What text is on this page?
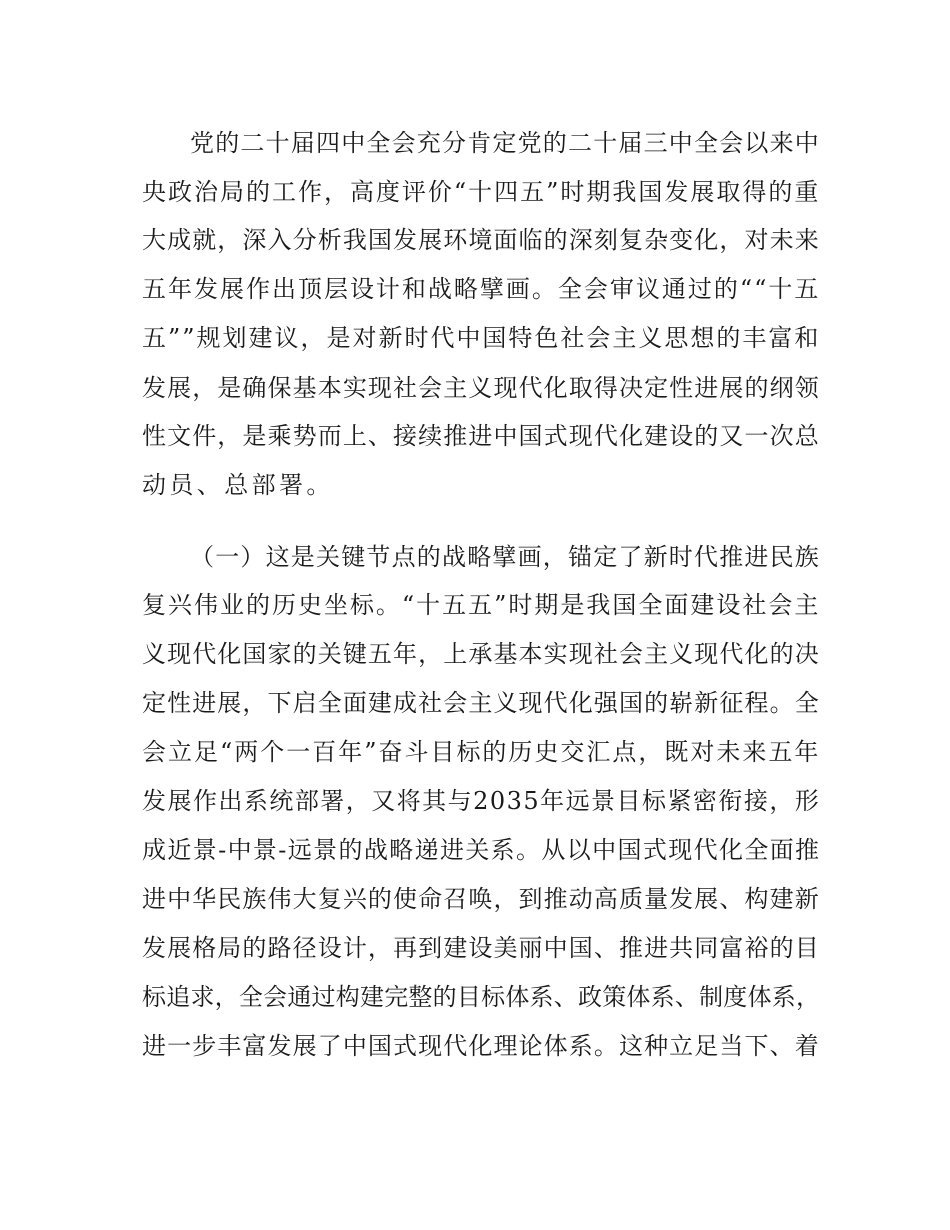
党的二十届四中全会充分肯定党的二十届三中全会以来中
央政治局的工作，高度评价“十四五”时期我国发展取得的重
大成就，深入分析我国发展环境面临的深刻复杂变化，对未来
五年发展作出顶层设计和战略擘画。全会审议通过的““十五
五””规划建议，是对新时代中国特色社会主义思想的丰富和
发展，是确保基本实现社会主义现代化取得决定性进展的纲领
性文件，是乘势而上、接续推进中国式现代化建设的又一次总
动员、总部署。
（一）这是关键节点的战略擘画，锚定了新时代推进民族
复兴伟业的历史坐标。“十五五”时期是我国全面建设社会主
义现代化国家的关键五年，上承基本实现社会主义现代化的决
定性进展，下启全面建成社会主义现代化强国的崭新征程。全
会立足“两个一百年”奋斗目标的历史交汇点，既对未来五年
发展作出系统部署，又将其与2035年远景目标紧密衔接，形
成近景-中景-远景的战略递进关系。从以中国式现代化全面推
进中华民族伟大复兴的使命召唤，到推动高质量发展、构建新
发展格局的路径设计，再到建设美丽中国、推进共同富裕的目
标追求，全会通过构建完整的目标体系、政策体系、制度体系，
进一步丰富发展了中国式现代化理论体系。这种立足当下、着
